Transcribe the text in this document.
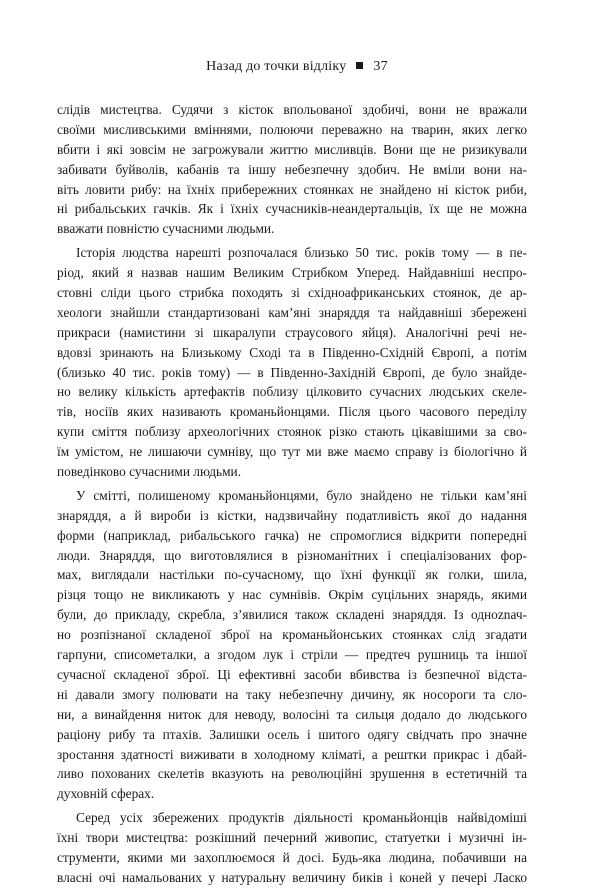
Назад до точки відліку 37
слідів мистецтва. Судячи з кісток впольованої здобичі, вони не вражали
своїми мисливськими вміннями, полюючи переважно на тварин, яких легко
вбити і які зовсім не загрожували життю мисливців. Вони ще не ризикували
забивати буйволів, кабанів та іншу небезпечну здобич. Не вміли вони на-
віть ловити рибу: на їхніх прибережних стоянках не знайдено ні кісток риби,
ні рибальських гачків. Як і їхніх сучасників-неандертальців, їх ще не можна
вважати повністю сучасними людьми.
Історія людства нарешті розпочалася близько 50 тис. років тому — в пе-
ріод, який я назвав нашим Великим Стрибком Уперед. Найдавніші неспро-
стовні сліди цього стрибка походять зі східноафриканських стоянок, де ар-
хеологи знайшли стандартизовані кам’яні знаряддя та найдавніші збережені
прикраси (намистини зі шкаралупи страусового яйця). Аналогічні речі не-
вдовзі зринають на Близькому Сході та в Південно-Східній Європі, а потім
(близько 40 тис. років тому) — в Південно-Західній Європі, де було знайде-
но велику кількість артефактів поблизу цілковито сучасних людських скеле-
тів, носіїв яких називають кроманьйонцями. Після цього часового переділу
купи сміття поблизу археологічних стоянок різко стають цікавішими за сво-
їм умістом, не лишаючи сумніву, що тут ми вже маємо справу із біологічно й
поведінково сучасними людьми.
У смітті, полишеному кроманьйонцями, було знайдено не тільки кам’яні
знаряддя, а й вироби із кістки, надзвичайну податливість якої до надання
форми (наприклад, рибальського гачка) не спромоглися відкрити попередні
люди. Знаряддя, що виготовлялися в різноманітних і спеціалізованих фор-
мах, виглядали настільки по-сучасному, що їхні функції як голки, шила,
різця тощо не викликають у нас сумнівів. Окрім суцільних знарядь, якими
були, до прикладу, скребла, з’явилися також складені знаряддя. Із одноznач-
но розпізнаної складеної зброї на кроманьйонських стоянках слід згадати
гарпуни, списометалки, а згодом лук і стріли — предтеч рушниць та іншої
сучасної складеної зброї. Ці ефективні засоби вбивства із безпечної відста-
ні давали змогу полювати на таку небезпечну дичину, як носороги та сло-
ни, а винайдення ниток для неводу, волосіні та сильця додало до людського
раціону рибу та птахів. Залишки осель і шитого одягу свідчать про значне
зростання здатності виживати в холодному кліматі, а рештки прикрас і дбай-
ливо похованих скелетів вказують на революційні зрушення в естетичній та
духовній сферах.
Серед усіх збережених продуктів діяльності кроманьйонців найвідоміші
їхні твори мистецтва: розкішний печерний живопис, статуетки і музичні ін-
струменти, якими ми захоплюємося й досі. Будь-яка людина, побачивши на
власні очі намальованих у натуральну величину биків і коней у печері Ласко
